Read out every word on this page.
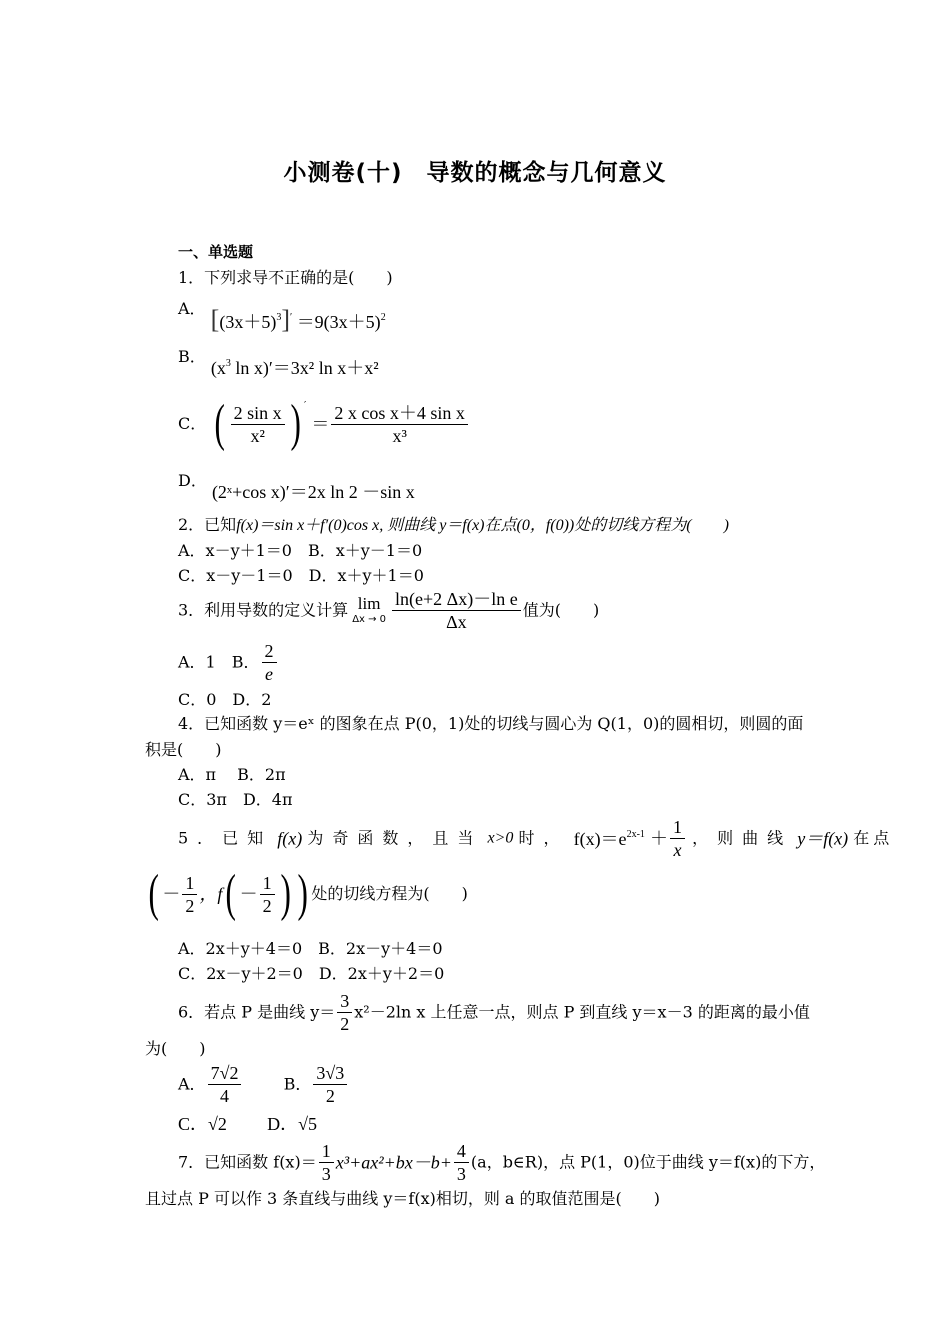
小测卷(十)　导数的概念与几何意义
一、单选题
1．下列求导不正确的是(　　)
A． $[(3x+5)^3]' =9(3x+5)^2$
B． ($x^3$ ln x)′＝3x² ln x＋x²
C． ( $\frac{\text{2 sin x}}{\text{x²}}$ ) $' = \frac{\text{2 x cos x＋4 sin x}}{\text{x³}}$
D． (2ˣ+cos x)′＝2x ln 2 －sin x
2．已知f(x)＝sin x＋f′(0)cos x, 则曲线 y＝f(x)在点(0，f(0))处的切线方程为(　　)
A．x－y＋1＝0　B．x＋y－1＝0
C．x－y－1＝0　D．x＋y＋1＝0
3．利用导数的定义计算 lim
$\Delta x \to 0 \frac{\text{ln(e+2 Δx)－ln e}}{\Delta x}$ 值为(　　)
A．1　B． $\frac{2}{e}$
C．0　D．2
4．已知函数 y＝eˣ 的图象在点 P(0，1)处的切线与圆心为 Q(1，0)的圆相切，则圆的面
积是(　　)
A．π　 B．2π
C．3π　D．4π
5．已知 f(x) 为奇函数，且当 x>0 时， $f(x)=e^{2x-1} + \frac{1}{x}$ ，则曲线 y＝f(x) 在点
( － $\frac{1}{2}$ ，$f( - \frac{1}{2}$ ) ) 处的切线方程为(　　)
A．2x＋y＋4＝0　B．2x－y＋4＝0
C．2x－y＋2＝0　D．2x＋y＋2＝0
6．若点 P 是曲线 $y= \frac{3}{2} x^2-2\ln$ x 上任意一点，则点 P 到直线 y＝x－3 的距离的最小值
为(　　)
A． $\frac{7√2}{4}$	B． $\frac{3√3}{2}$
C．√2 D．√5
7．已知函数 $f(x)= \frac{1}{3} x^3+ax^2+bx-b+ \frac{4}{3} (a$，b∈R)，点 P(1，0)位于曲线 y＝f(x)的下方，
且过点 P 可以作 3 条直线与曲线 y＝f(x)相切，则 a 的取值范围是(　　)
